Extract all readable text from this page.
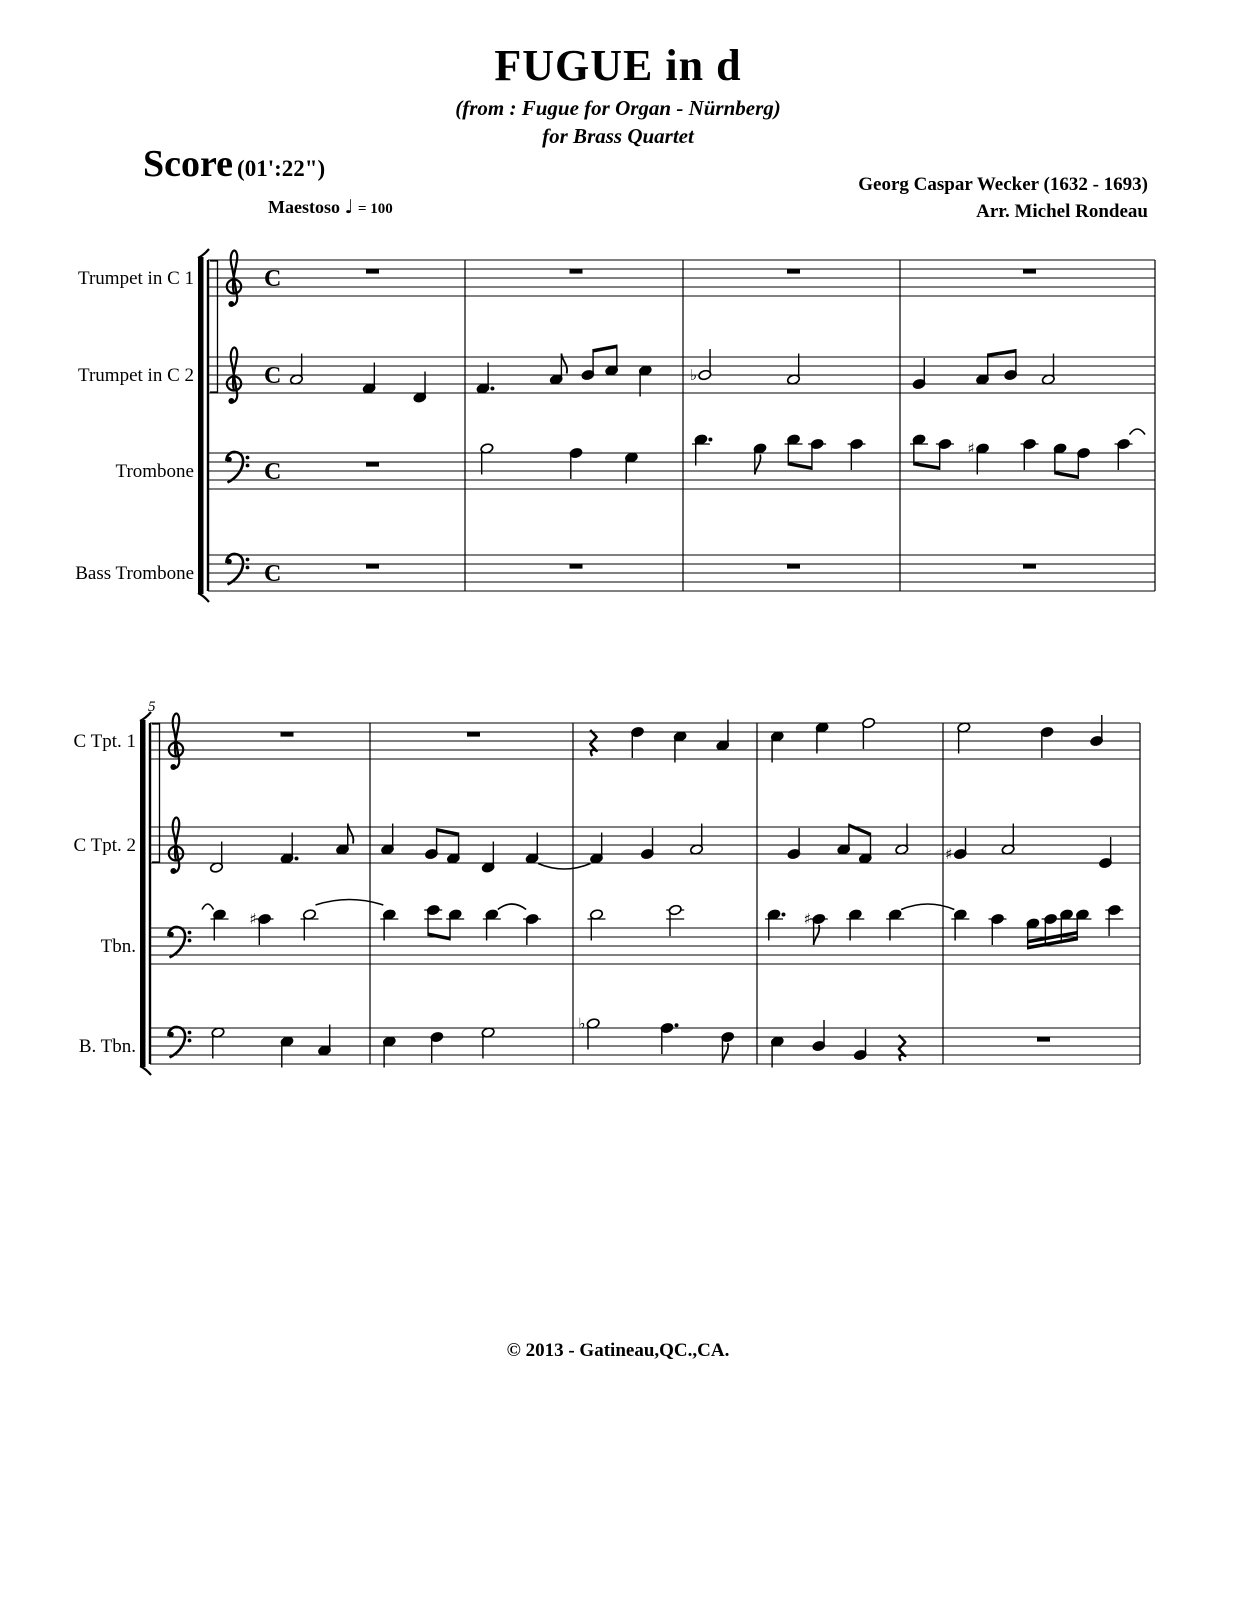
FUGUE in d
(from : Fugue for Organ - Nürnberg)
for Brass Quartet
Score (01':22")
Georg Caspar Wecker (1632 - 1693)
Arr. Michel Rondeau
Maestoso ♩ = 100
Trumpet in C 1	C
Trumpet in C 2	C	♭
Trombone	C
♯
Bass Trombone	C
C Tpt. 1
C Tpt. 2	♯
Tbn.
♯	♯
B. Tbn.
♭
5
© 2013 - Gatineau,QC.,CA.
